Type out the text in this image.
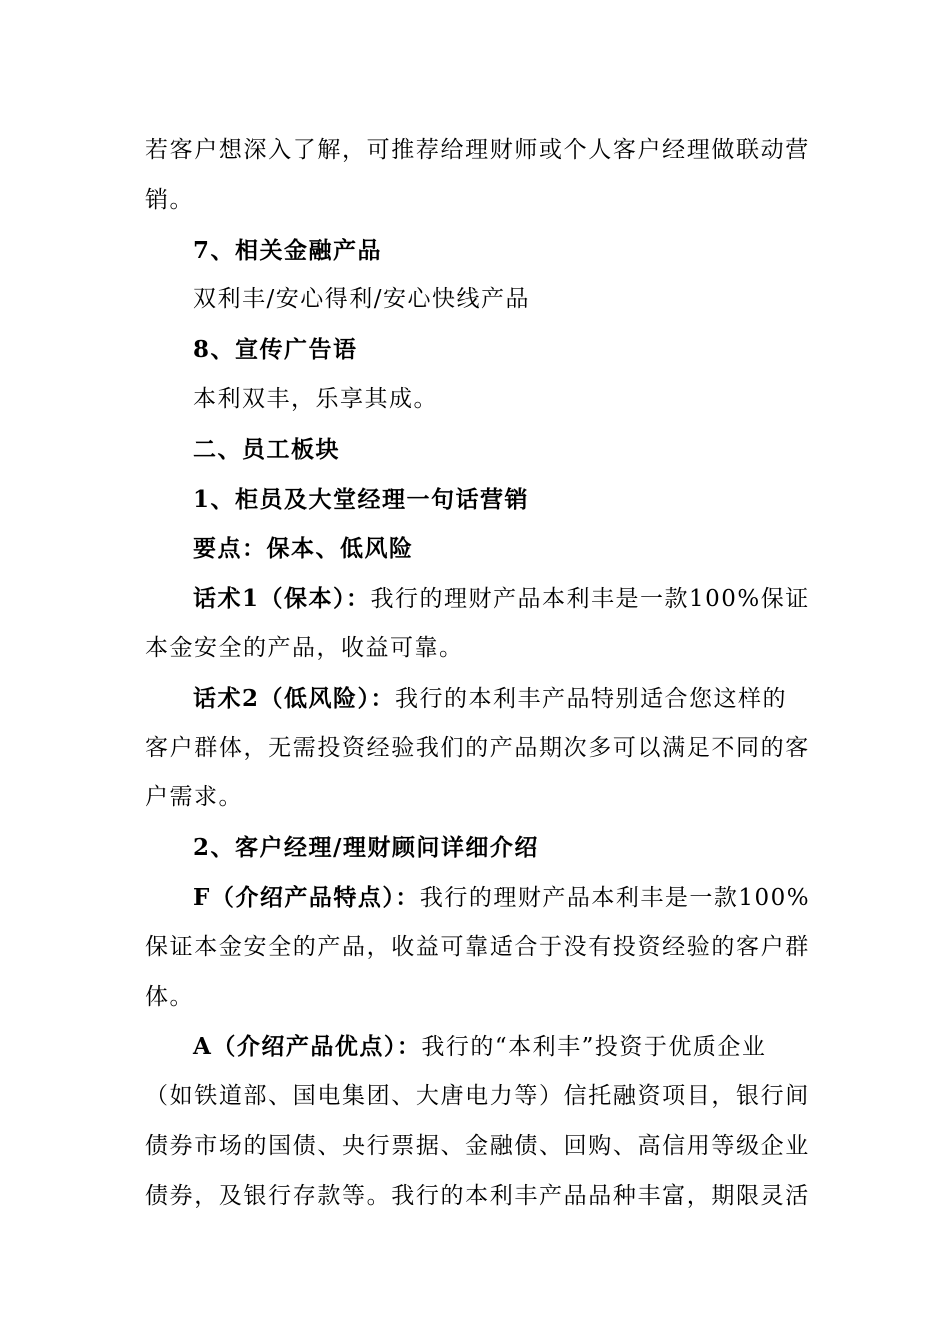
若 客 户 想 深 入 了 解 ， 可 推 荐 给 理 财 师 或 个 人 客 户 经 理 做 联 动 营
销。
7、相关金融产品
双利丰/安心得利/安心快线产品
8、宣传广告语
本利双丰，乐享其成。
二、员工板块
1、柜员及大堂经理一句话营销
要点：保本、低风险
话术1（保本）：我行的理财产品本利丰是一款100%保证
本金安全的产品，收益可靠。
话术2（低风险）：我行的本利丰产品特别适合您这样的
客 户 群 体 ， 无 需 投 资 经 验 我 们 的 产 品 期 次 多 可 以 满 足 不 同 的 客
户需求。
2、客户经理/理财顾问详细介绍
F（介绍产品特点）：我行的理财产品本利丰是一款100%
保 证 本 金 安 全 的 产 品 ， 收 益 可 靠 适 合 于 没 有 投 资 经 验 的 客 户 群
体。
A（介绍产品优点）：我行的“本利丰”投资于优质企业
（ 如 铁 道 部 、 国 电 集 团 、 大 唐 电 力 等 ） 信 托 融 资 项 目 ， 银 行 间
债 券 市 场 的 国 债 、 央 行 票 据 、 金 融 债 、 回 购 、 高 信 用 等 级 企 业
债 券 ， 及 银 行 存 款 等 。 我 行 的 本 利 丰 产 品 品 种 丰 富 ， 期 限 灵 活
